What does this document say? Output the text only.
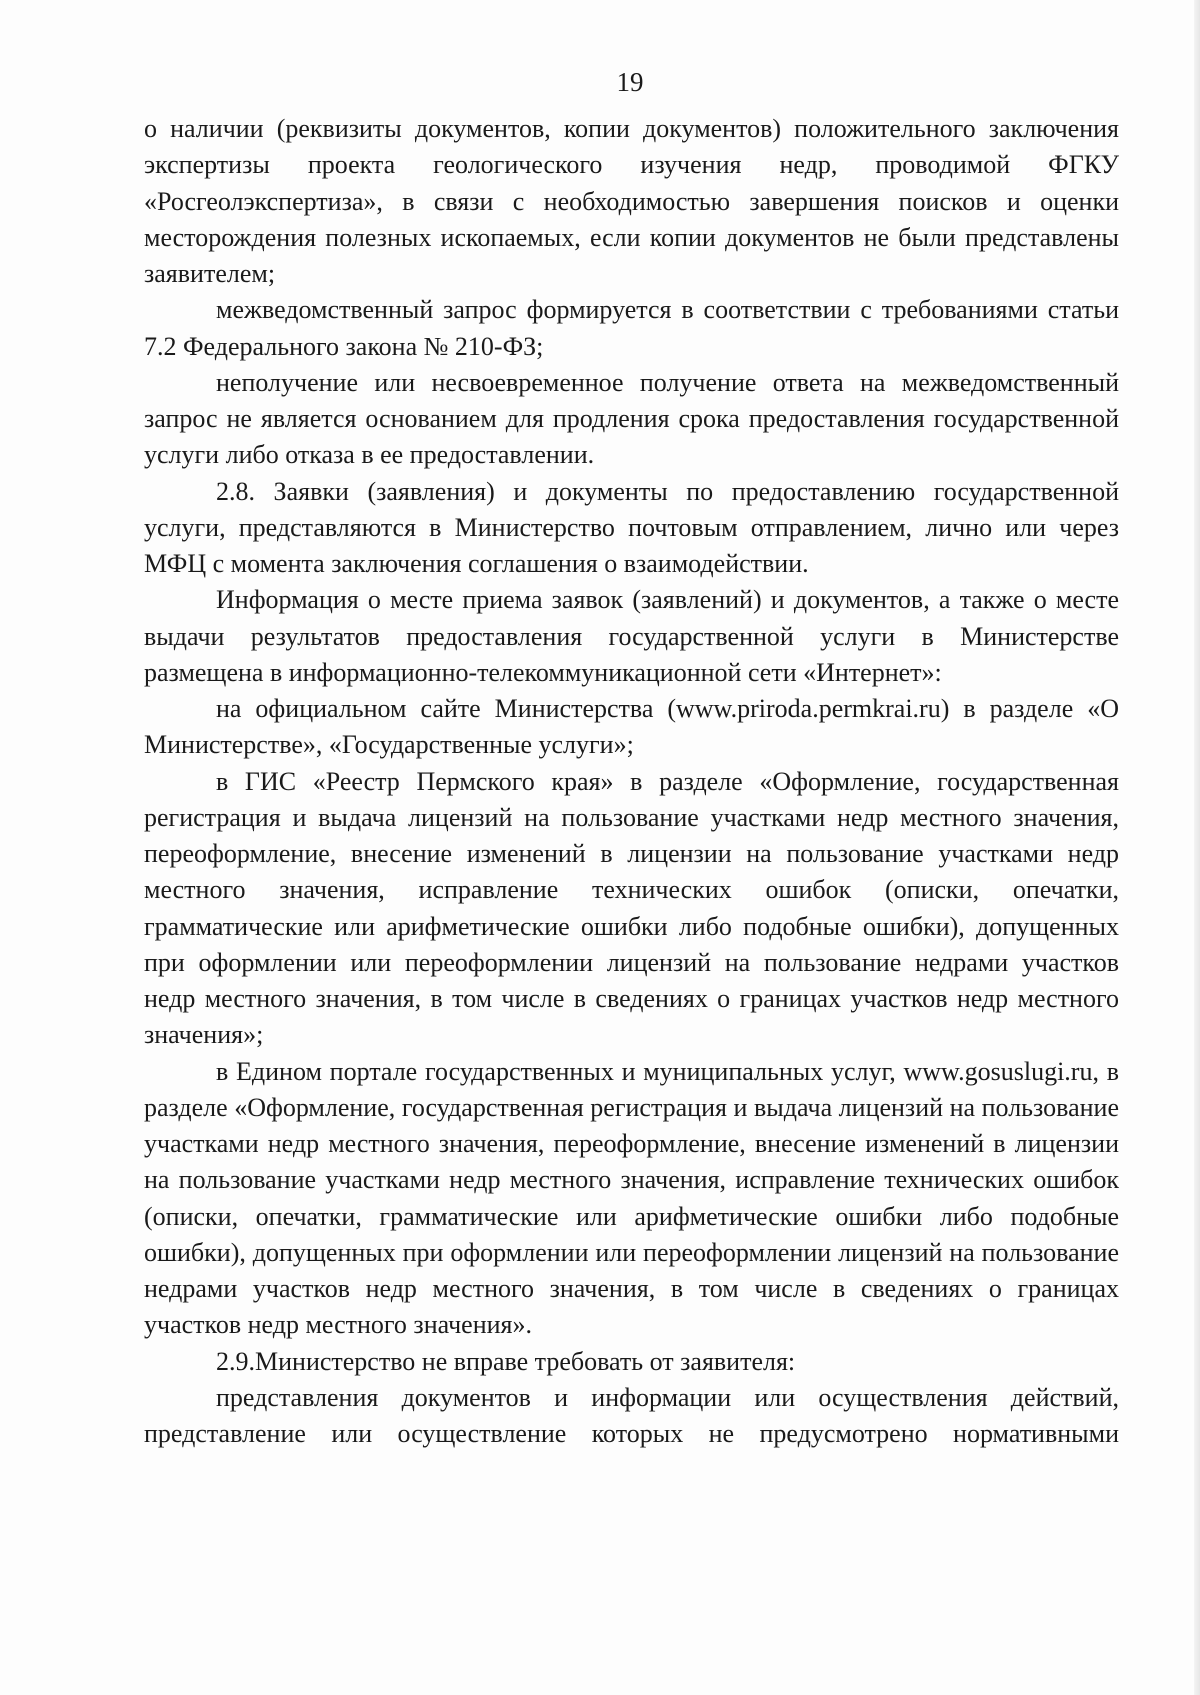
19

о наличии (реквизиты документов, копии документов) положительного заключения экспертизы проекта геологического изучения недр, проводимой ФГКУ «Росгеолэкспертиза», в связи с необходимостью завершения поисков и оценки месторождения полезных ископаемых, если копии документов не были представлены заявителем;

межведомственный запрос формируется в соответствии с требованиями статьи 7.2 Федерального закона № 210-ФЗ;

неполучение или несвоевременное получение ответа на межведомственный запрос не является основанием для продления срока предоставления государственной услуги либо отказа в ее предоставлении.

2.8. Заявки (заявления) и документы по предоставлению государственной услуги, представляются в Министерство почтовым отправлением, лично или через МФЦ с момента заключения соглашения о взаимодействии.

Информация о месте приема заявок (заявлений) и документов, а также о месте выдачи результатов предоставления государственной услуги в Министерстве размещена в информационно-телекоммуникационной сети «Интернет»:

на официальном сайте Министерства (www.priroda.permkrai.ru) в разделе «О Министерстве», «Государственные услуги»;

в ГИС «Реестр Пермского края» в разделе «Оформление, государственная регистрация и выдача лицензий на пользование участками недр местного значения, переоформление, внесение изменений в лицензии на пользование участками недр местного значения, исправление технических ошибок (описки, опечатки, грамматические или арифметические ошибки либо подобные ошибки), допущенных при оформлении или переоформлении лицензий на пользование недрами участков недр местного значения, в том числе в сведениях о границах участков недр местного значения»;

в Едином портале государственных и муниципальных услуг, www.gosuslugi.ru, в разделе «Оформление, государственная регистрация и выдача лицензий на пользование участками недр местного значения, переоформление, внесение изменений в лицензии на пользование участками недр местного значения, исправление технических ошибок (описки, опечатки, грамматические или арифметические ошибки либо подобные ошибки), допущенных при оформлении или переоформлении лицензий на пользование недрами участков недр местного значения, в том числе в сведениях о границах участков недр местного значения».

2.9.Министерство не вправе требовать от заявителя:

представления документов и информации или осуществления действий, представление или осуществление которых не предусмотрено нормативными
